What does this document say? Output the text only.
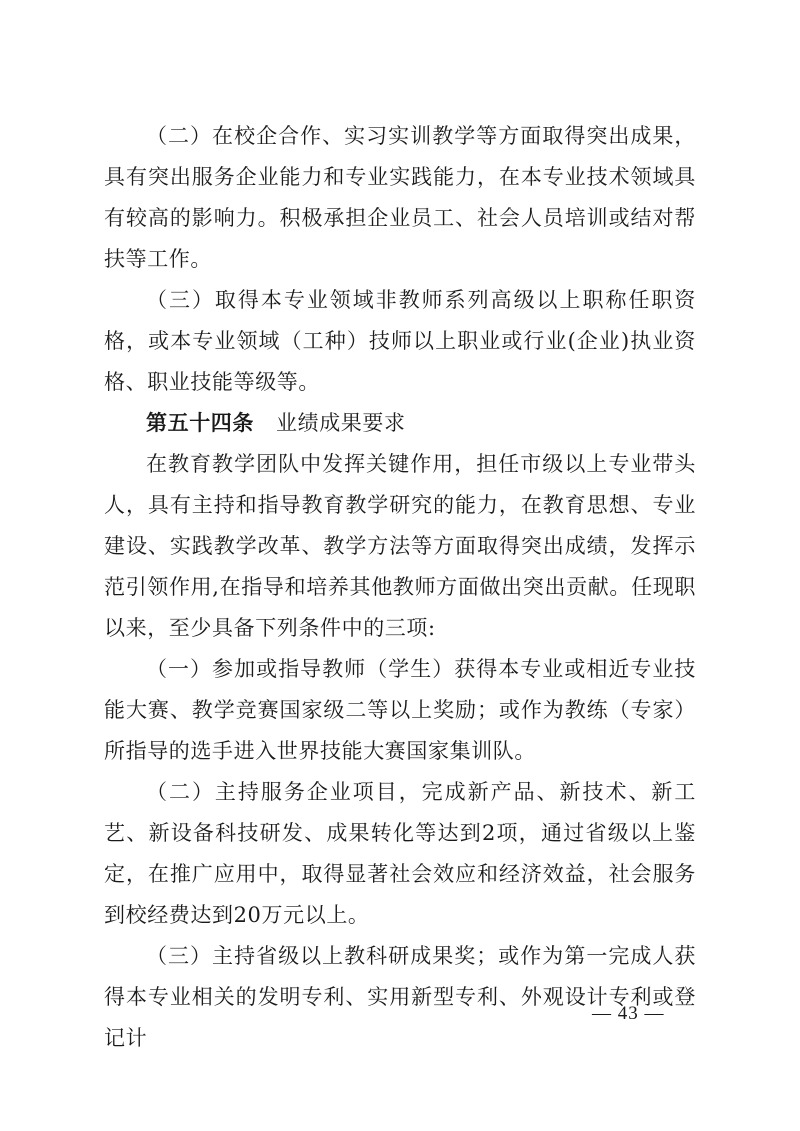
（二）在校企合作、实习实训教学等方面取得突出成果，具有突出服务企业能力和专业实践能力，在本专业技术领域具有较高的影响力。积极承担企业员工、社会人员培训或结对帮扶等工作。

（三）取得本专业领域非教师系列高级以上职称任职资格，或本专业领域（工种）技师以上职业或行业(企业)执业资格、职业技能等级等。

第五十四条 业绩成果要求

在教育教学团队中发挥关键作用，担任市级以上专业带头人，具有主持和指导教育教学研究的能力，在教育思想、专业建设、实践教学改革、教学方法等方面取得突出成绩，发挥示范引领作用,在指导和培养其他教师方面做出突出贡献。任现职以来，至少具备下列条件中的三项:

（一）参加或指导教师（学生）获得本专业或相近专业技能大赛、教学竞赛国家级二等以上奖励；或作为教练（专家）所指导的选手进入世界技能大赛国家集训队。

（二）主持服务企业项目，完成新产品、新技术、新工艺、新设备科技研发、成果转化等达到2项，通过省级以上鉴定，在推广应用中，取得显著社会效应和经济效益，社会服务到校经费达到20万元以上。

（三）主持省级以上教科研成果奖；或作为第一完成人获得本专业相关的发明专利、实用新型专利、外观设计专利或登记计

— 43 —
